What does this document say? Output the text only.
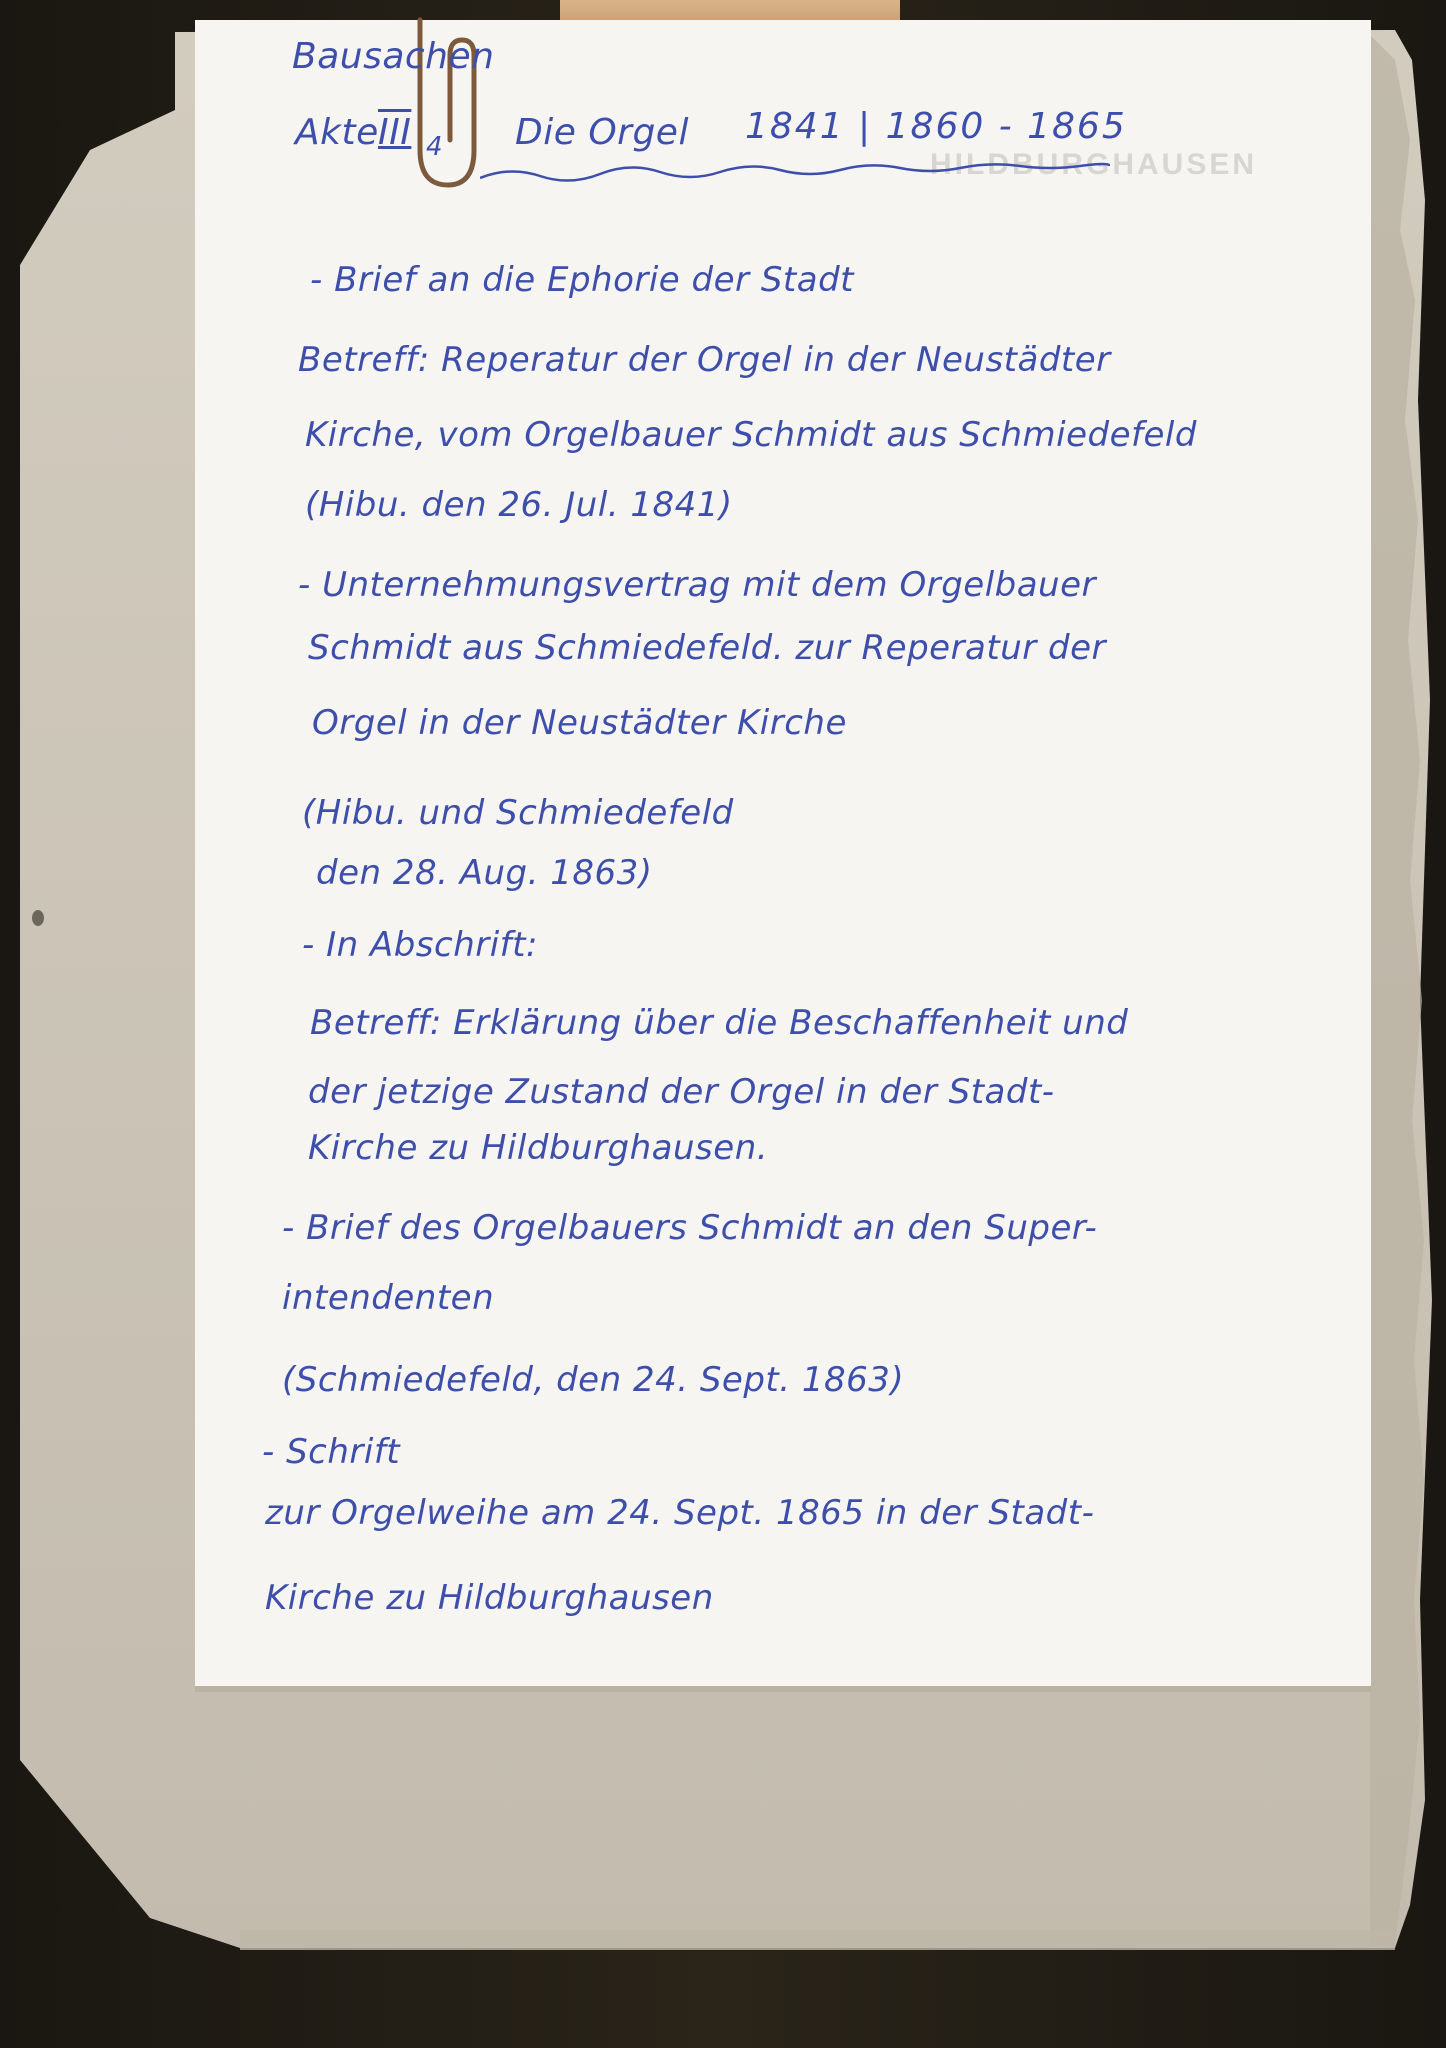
HILDBURGHAUSEN
Bausachen
Akte III 4 Die Orgel 1841 | 1860 - 1865
- Brief an die Ephorie der Stadt
Betreff: Reperatur der Orgel in der Neustädter
Kirche, vom Orgelbauer Schmidt aus Schmiedefeld
(Hibu. den 26. Jul. 1841)
- Unternehmungsvertrag mit dem Orgelbauer
Schmidt aus Schmiedefeld. zur Reperatur der
Orgel in der Neustädter Kirche
(Hibu. und Schmiedefeld
den 28. Aug. 1863)
- In Abschrift:
Betreff: Erklärung über die Beschaffenheit und
der jetzige Zustand der Orgel in der Stadt-
Kirche zu Hildburghausen.
- Brief des Orgelbauers Schmidt an den Super-
intendenten
(Schmiedefeld, den 24. Sept. 1863)
- Schrift
zur Orgelweihe am 24. Sept. 1865 in der Stadt-
Kirche zu Hildburghausen
